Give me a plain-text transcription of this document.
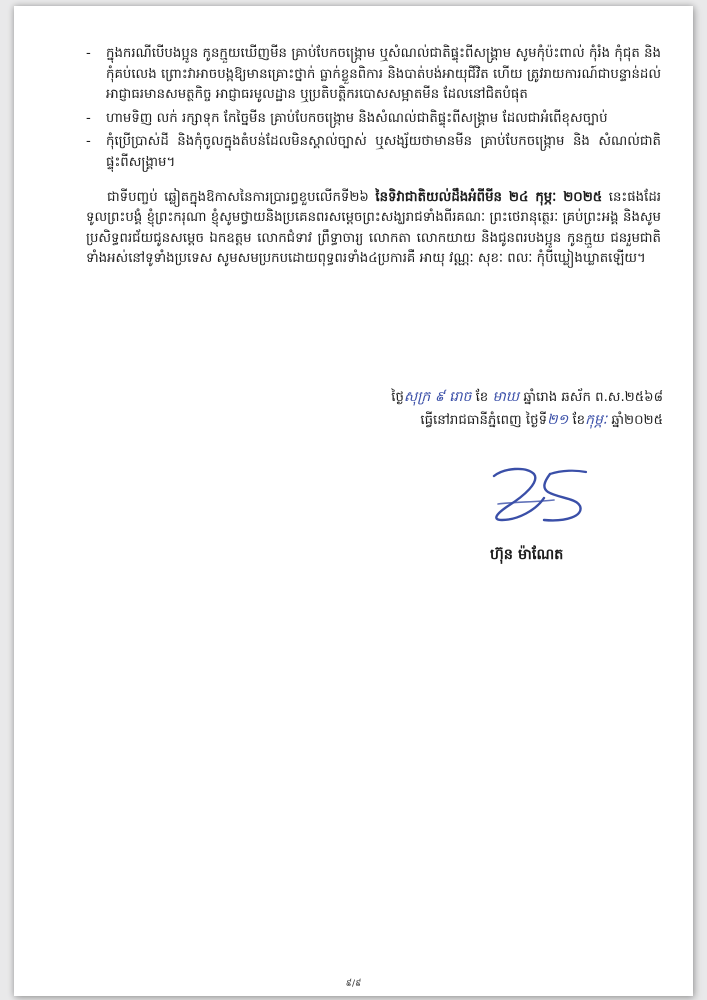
- ក្នុងករណីបើបងប្អូន កូនក្មួយឃើញមីន គ្រាប់បែកចង្រ្កោម ឬសំណល់ជាតិផ្ទុះពីសង្គ្រាម សូមកុំប៉ះពាល់ កុំរំង កុំជុត និងកុំគប់លេង ព្រោះវាអាចបង្កឱ្យមានគ្រោះថ្នាក់ ធ្លាក់ខ្លួនពិការ និងបាត់បង់អាយុជីវិត ហើយ ត្រូវរាយការណ៍ជាបន្ទាន់ដល់អាជ្ញាធរមានសមត្ថកិច្ច អាជ្ញាធរមូលដ្ឋាន ឬប្រតិបត្តិករបោសសម្អាតមីន ដែលនៅជិតបំផុត
- ហាមទិញ លក់ រក្សាទុក កែច្នៃមីន គ្រាប់បែកចង្រ្កោម និងសំណល់ជាតិផ្ទុះពីសង្គ្រាម ដែលជាអំពើខុសច្បាប់
- កុំប្រើប្រាស់ដី និងកុំចូលក្នុងតំបន់ដែលមិនស្គាល់ច្បាស់ ឬសង្ស័យថាមានមីន គ្រាប់បែកចង្រ្កោម និង សំណល់ជាតិផ្ទុះពីសង្គ្រាម។
ជាទីបញ្ចប់ ឆ្លៀតក្នុងឱកាសនៃការប្រារព្ធខួបលើកទី២៦ នៃទិវាជាតិយល់ដឹងអំពីមីន ២៤ កុម្ភៈ ២០២៥ នេះផងដែរ ទូលព្រះបង្គំ ខ្ញុំព្រះករុណា ខ្ញុំសូមថ្វាយនិងប្រគេនពរសម្តេចព្រះសង្ឃរាជទាំងពីរគណៈ ព្រះថេរានុត្ថេរៈ គ្រប់ព្រះអង្គ និងសូមប្រសិទ្ធពរជ័យជូនសម្តេច ឯកឧត្តម លោកជំទាវ ព្រឹទ្ធាចារ្យ លោកតា លោកយាយ និងជូនពរបងប្អូន កូនក្មួយ ជនរួមជាតិទាំងអស់នៅទូទាំងប្រទេស សូមសមប្រកបដោយពុទ្ធពរទាំង៤ប្រការគឺ អាយុ វណ្ណៈ សុខៈ ពលៈ កុំបីឃ្លៀងឃ្លាតឡើយ។
ថ្ងៃសុក្រ ៩ រោច ខែ មាឃ ឆ្នាំរោង ឆស័ក ព.ស.២៥៦៨
ធ្វើនៅរាជធានីភ្នំពេញ ថ្ងៃទី២១ ខែកុម្ភៈ ឆ្នាំ២០២៥
ហ៊ុន ម៉ាណែត
៩/៩
